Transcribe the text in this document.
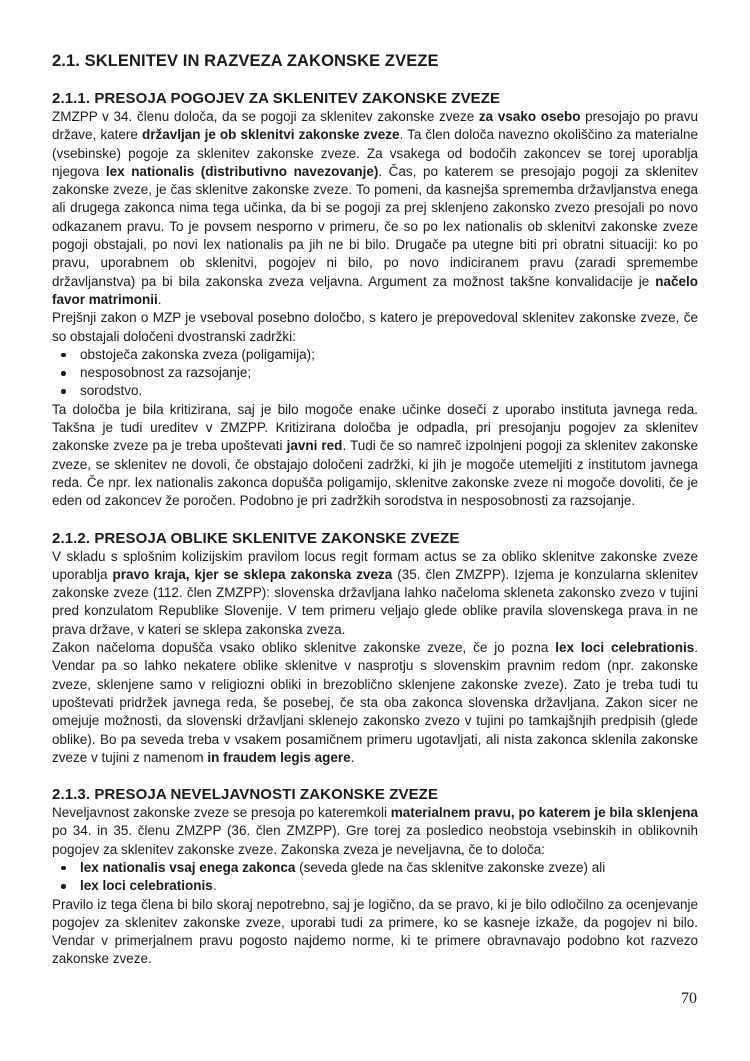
2.1. SKLENITEV IN RAZVEZA ZAKONSKE ZVEZE
2.1.1. PRESOJA POGOJEV ZA SKLENITEV ZAKONSKE ZVEZE

ZMZPP v 34. členu določa, da se pogoji za sklenitev zakonske zveze za vsako osebo presojajo po pravu države, katere državljan je ob sklenitvi zakonske zveze. Ta člen določa navezno okoliščino za materialne (vsebinske) pogoje za sklenitev zakonske zveze. Za vsakega od bodočih zakoncev se torej uporablja njegova lex nationalis (distributivno navezovanje). Čas, po katerem se presojajo pogoji za sklenitev zakonske zveze, je čas sklenitve zakonske zveze. To pomeni, da kasnejša sprememba državljanstva enega ali drugega zakonca nima tega učinka, da bi se pogoji za prej sklenjeno zakonsko zvezo presojali po novo odkazanem pravu. To je povsem nesporno v primeru, če so po lex nationalis ob sklenitvi zakonske zveze pogoji obstajali, po novi lex nationalis pa jih ne bi bilo. Drugače pa utegne biti pri obratni situaciji: ko po pravu, uporabnem ob sklenitvi, pogojev ni bilo, po novo indiciranem pravu (zaradi spremembe državljanstva) pa bi bila zakonska zveza veljavna. Argument za možnost takšne konvalidacije je načelo favor matrimonii.

Prejšnji zakon o MZP je vseboval posebno določbo, s katero je prepovedoval sklenitev zakonske zveze, če so obstajali določeni dvostranski zadržki:

obstoječa zakonska zveza (poligamija);
nesposobnost za razsojanje;
sorodstvo.

Ta določba je bila kritizirana, saj je bilo mogoče enake učinke doseči z uporabo instituta javnega reda. Takšna je tudi ureditev v ZMZPP. Kritizirana določba je odpadla, pri presojanju pogojev za sklenitev zakonske zveze pa je treba upoštevati javni red. Tudi če so namreč izpolnjeni pogoji za sklenitev zakonske zveze, se sklenitev ne dovoli, če obstajajo določeni zadržki, ki jih je mogoče utemeljiti z institutom javnega reda. Če npr. lex nationalis zakonca dopušča poligamijo, sklenitve zakonske zveze ni mogoče dovoliti, če je eden od zakoncev že poročen. Podobno je pri zadržkih sorodstva in nesposobnosti za razsojanje.

2.1.2. PRESOJA OBLIKE SKLENITVE ZAKONSKE ZVEZE

V skladu s splošnim kolizijskim pravilom locus regit formam actus se za obliko sklenitve zakonske zveze uporablja pravo kraja, kjer se sklepa zakonska zveza (35. člen ZMZPP). Izjema je konzularna sklenitev zakonske zveze (112. člen ZMZPP): slovenska državljana lahko načeloma skleneta zakonsko zvezo v tujini pred konzulatom Republike Slovenije. V tem primeru veljajo glede oblike pravila slovenskega prava in ne prava države, v kateri se sklepa zakonska zveza.

Zakon načeloma dopušča vsako obliko sklenitve zakonske zveze, če jo pozna lex loci celebrationis. Vendar pa so lahko nekatere oblike sklenitve v nasprotju s slovenskim pravnim redom (npr. zakonske zveze, sklenjene samo v religiozni obliki in brezoblično sklenjene zakonske zveze). Zato je treba tudi tu upoštevati pridržek javnega reda, še posebej, če sta oba zakonca slovenska državljana. Zakon sicer ne omejuje možnosti, da slovenski državljani sklenejo zakonsko zvezo v tujini po tamkajšnjih predpisih (glede oblike). Bo pa seveda treba v vsakem posamičnem primeru ugotavljati, ali nista zakonca sklenila zakonske zveze v tujini z namenom in fraudem legis agere.

2.1.3. PRESOJA NEVELJAVNOSTI ZAKONSKE ZVEZE

Neveljavnost zakonske zveze se presoja po kateremkoli materialnem pravu, po katerem je bila sklenjena po 34. in 35. členu ZMZPP (36. člen ZMZPP). Gre torej za posledico neobstoja vsebinskih in oblikovnih pogojev za sklenitev zakonske zveze. Zakonska zveza je neveljavna, če to določa:

lex nationalis vsaj enega zakonca (seveda glede na čas sklenitve zakonske zveze) ali
lex loci celebrationis.

Pravilo iz tega člena bi bilo skoraj nepotrebno, saj je logično, da se pravo, ki je bilo odločilno za ocenjevanje pogojev za sklenitev zakonske zveze, uporabi tudi za primere, ko se kasneje izkaže, da pogojev ni bilo. Vendar v primerjalnem pravu pogosto najdemo norme, ki te primere obravnavajo podobno kot razvezo zakonske zveze.

70
